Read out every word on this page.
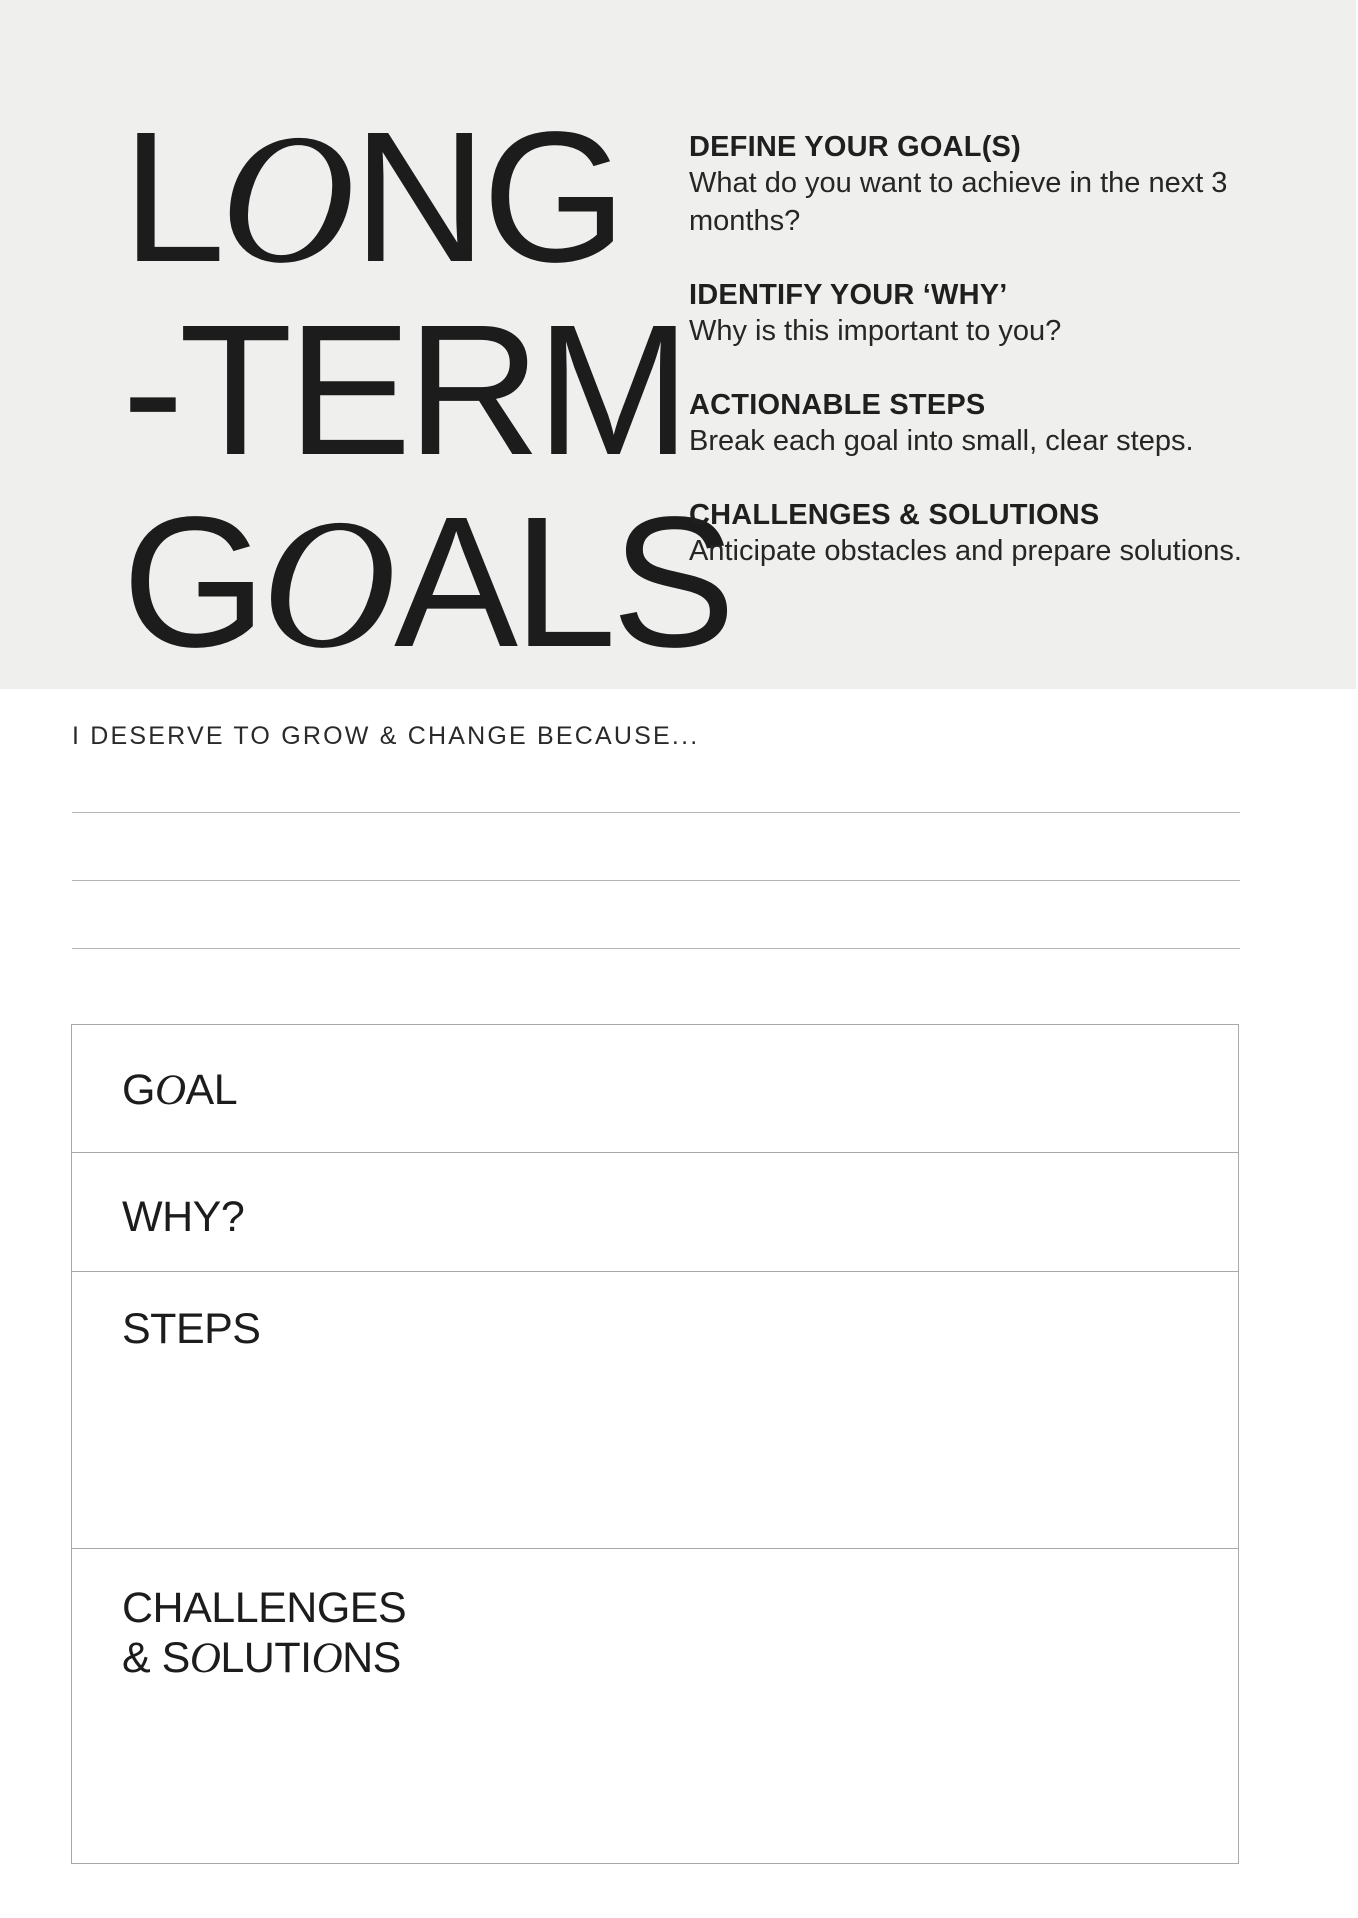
LONG
-TERM
GOALS
DEFINE YOUR GOAL(S)
What do you want to achieve in the next 3 months?
IDENTIFY YOUR ‘WHY’
Why is this important to you?
ACTIONABLE STEPS
Break each goal into small, clear steps.
CHALLENGES & SOLUTIONS
Anticipate obstacles and prepare solutions.
I DESERVE TO GROW & CHANGE BECAUSE...
GOAL
WHY?
STEPS
CHALLENGES
& SOLUTIONS
